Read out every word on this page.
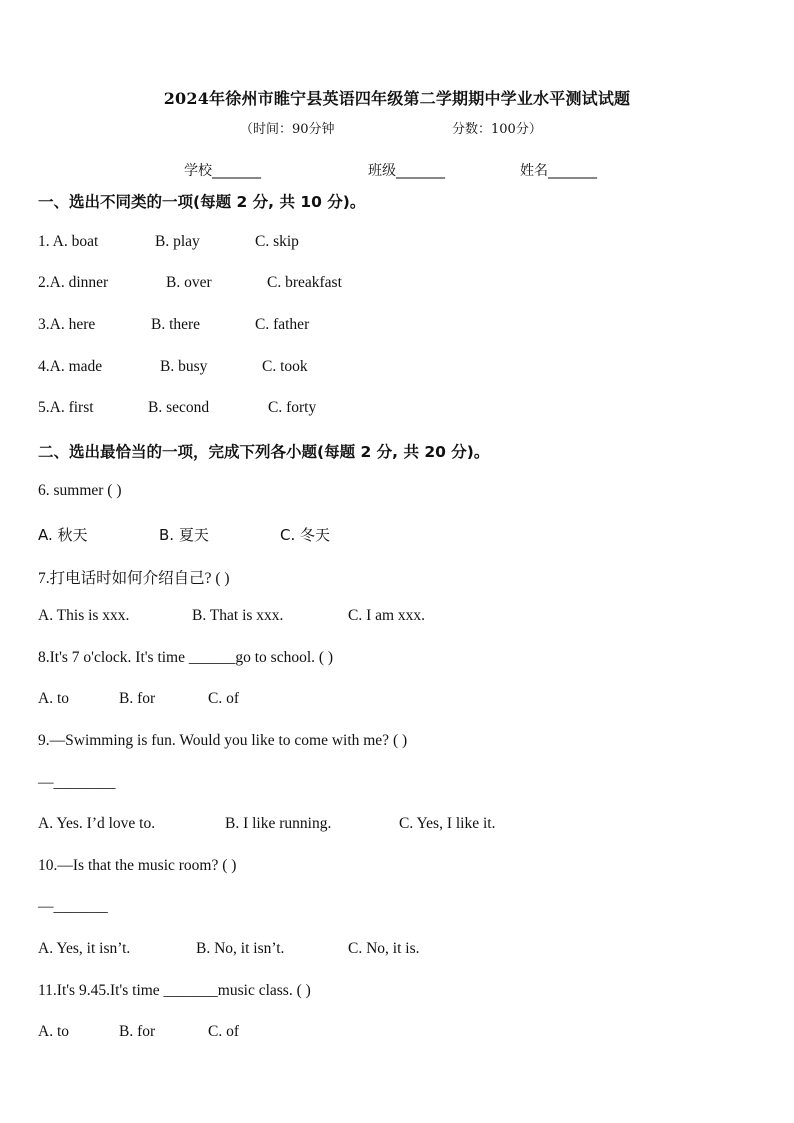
2024年徐州市睢宁县英语四年级第二学期期中学业水平测试试题
（时间：90分钟	分数：100分）
学校_______	班级_______	姓名_______
一、选出不同类的一项(每题 2 分, 共 10 分)。
1. A. boat	B. play	C. skip
2.A. dinner	B. over	C. breakfast
3.A. here	B. there	C. father
4.A. made	B. busy	C. took
5.A. first	B. second	C. forty
二、选出最恰当的一项，完成下列各小题(每题 2 分, 共 20 分)。
6. summer ( )
A. 秋天	B. 夏天	C. 冬天
7.打电话时如何介绍自己? ( )
A. This is xxx.	B. That is xxx.	C. I am xxx.
8.It's 7 o'clock. It's time ______go to school. ( )
A. to	B. for	C. of
9.—Swimming is fun. Would you like to come with me? ( )
—________
A. Yes. I’d love to.	B. I like running.	C. Yes, I like it.
10.—Is that the music room? ( )
—_______
A. Yes, it isn’t.	B. No, it isn’t.	C. No, it is.
11.It's 9.45.It's time _______music class. ( )
A. to	B. for	C. of
